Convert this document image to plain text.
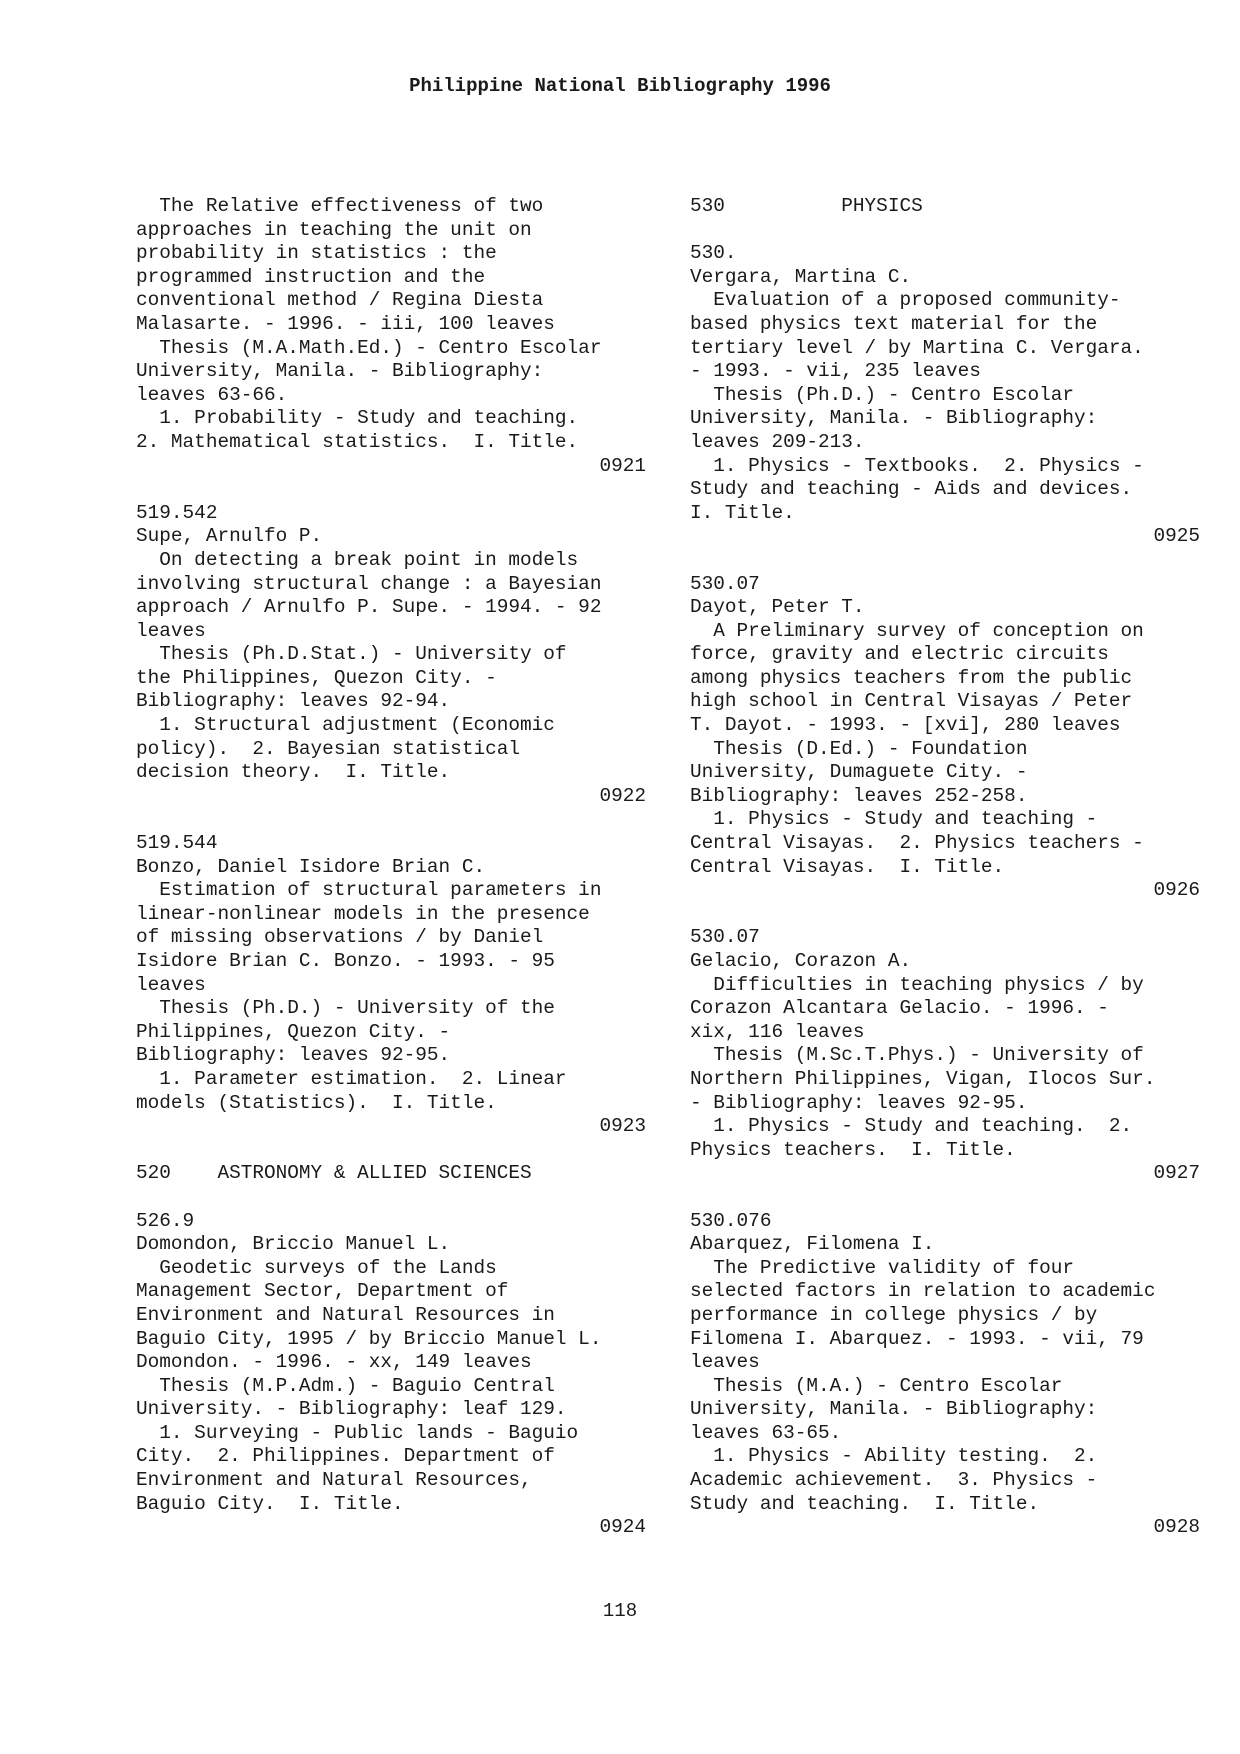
Philippine National Bibliography 1996
The Relative effectiveness of two
approaches in teaching the unit on
probability in statistics : the
programmed instruction and the
conventional method / Regina Diesta
Malasarte. - 1996. - iii, 100 leaves
Thesis (M.A.Math.Ed.) - Centro Escolar
University, Manila. - Bibliography:
leaves 63-66.
1. Probability - Study and teaching.
2. Mathematical statistics.  I. Title.
0921
519.542
Supe, Arnulfo P.
On detecting a break point in models
involving structural change : a Bayesian
approach / Arnulfo P. Supe. - 1994. - 92
leaves
Thesis (Ph.D.Stat.) - University of
the Philippines, Quezon City. -
Bibliography: leaves 92-94.
1. Structural adjustment (Economic
policy).  2. Bayesian statistical
decision theory.  I. Title.
0922
519.544
Bonzo, Daniel Isidore Brian C.
Estimation of structural parameters in
linear-nonlinear models in the presence
of missing observations / by Daniel
Isidore Brian C. Bonzo. - 1993. - 95
leaves
Thesis (Ph.D.) - University of the
Philippines, Quezon City. -
Bibliography: leaves 92-95.
1. Parameter estimation.  2. Linear
models (Statistics).  I. Title.
0923
520    ASTRONOMY & ALLIED SCIENCES
526.9
Domondon, Briccio Manuel L.
Geodetic surveys of the Lands
Management Sector, Department of
Environment and Natural Resources in
Baguio City, 1995 / by Briccio Manuel L.
Domondon. - 1996. - xx, 149 leaves
Thesis (M.P.Adm.) - Baguio Central
University. - Bibliography: leaf 129.
1. Surveying - Public lands - Baguio
City.  2. Philippines. Department of
Environment and Natural Resources,
Baguio City.  I. Title.
0924
530          PHYSICS
530.
Vergara, Martina C.
Evaluation of a proposed community-
based physics text material for the
tertiary level / by Martina C. Vergara.
- 1993. - vii, 235 leaves
Thesis (Ph.D.) - Centro Escolar
University, Manila. - Bibliography:
leaves 209-213.
1. Physics - Textbooks.  2. Physics -
Study and teaching - Aids and devices.
I. Title.
0925
530.07
Dayot, Peter T.
A Preliminary survey of conception on
force, gravity and electric circuits
among physics teachers from the public
high school in Central Visayas / Peter
T. Dayot. - 1993. - [xvi], 280 leaves
Thesis (D.Ed.) - Foundation
University, Dumaguete City. -
Bibliography: leaves 252-258.
1. Physics - Study and teaching -
Central Visayas.  2. Physics teachers -
Central Visayas.  I. Title.
0926
530.07
Gelacio, Corazon A.
Difficulties in teaching physics / by
Corazon Alcantara Gelacio. - 1996. -
xix, 116 leaves
Thesis (M.Sc.T.Phys.) - University of
Northern Philippines, Vigan, Ilocos Sur.
- Bibliography: leaves 92-95.
1. Physics - Study and teaching.  2.
Physics teachers.  I. Title.
0927
530.076
Abarquez, Filomena I.
The Predictive validity of four
selected factors in relation to academic
performance in college physics / by
Filomena I. Abarquez. - 1993. - vii, 79
leaves
Thesis (M.A.) - Centro Escolar
University, Manila. - Bibliography:
leaves 63-65.
1. Physics - Ability testing.  2.
Academic achievement.  3. Physics -
Study and teaching.  I. Title.
0928
118
